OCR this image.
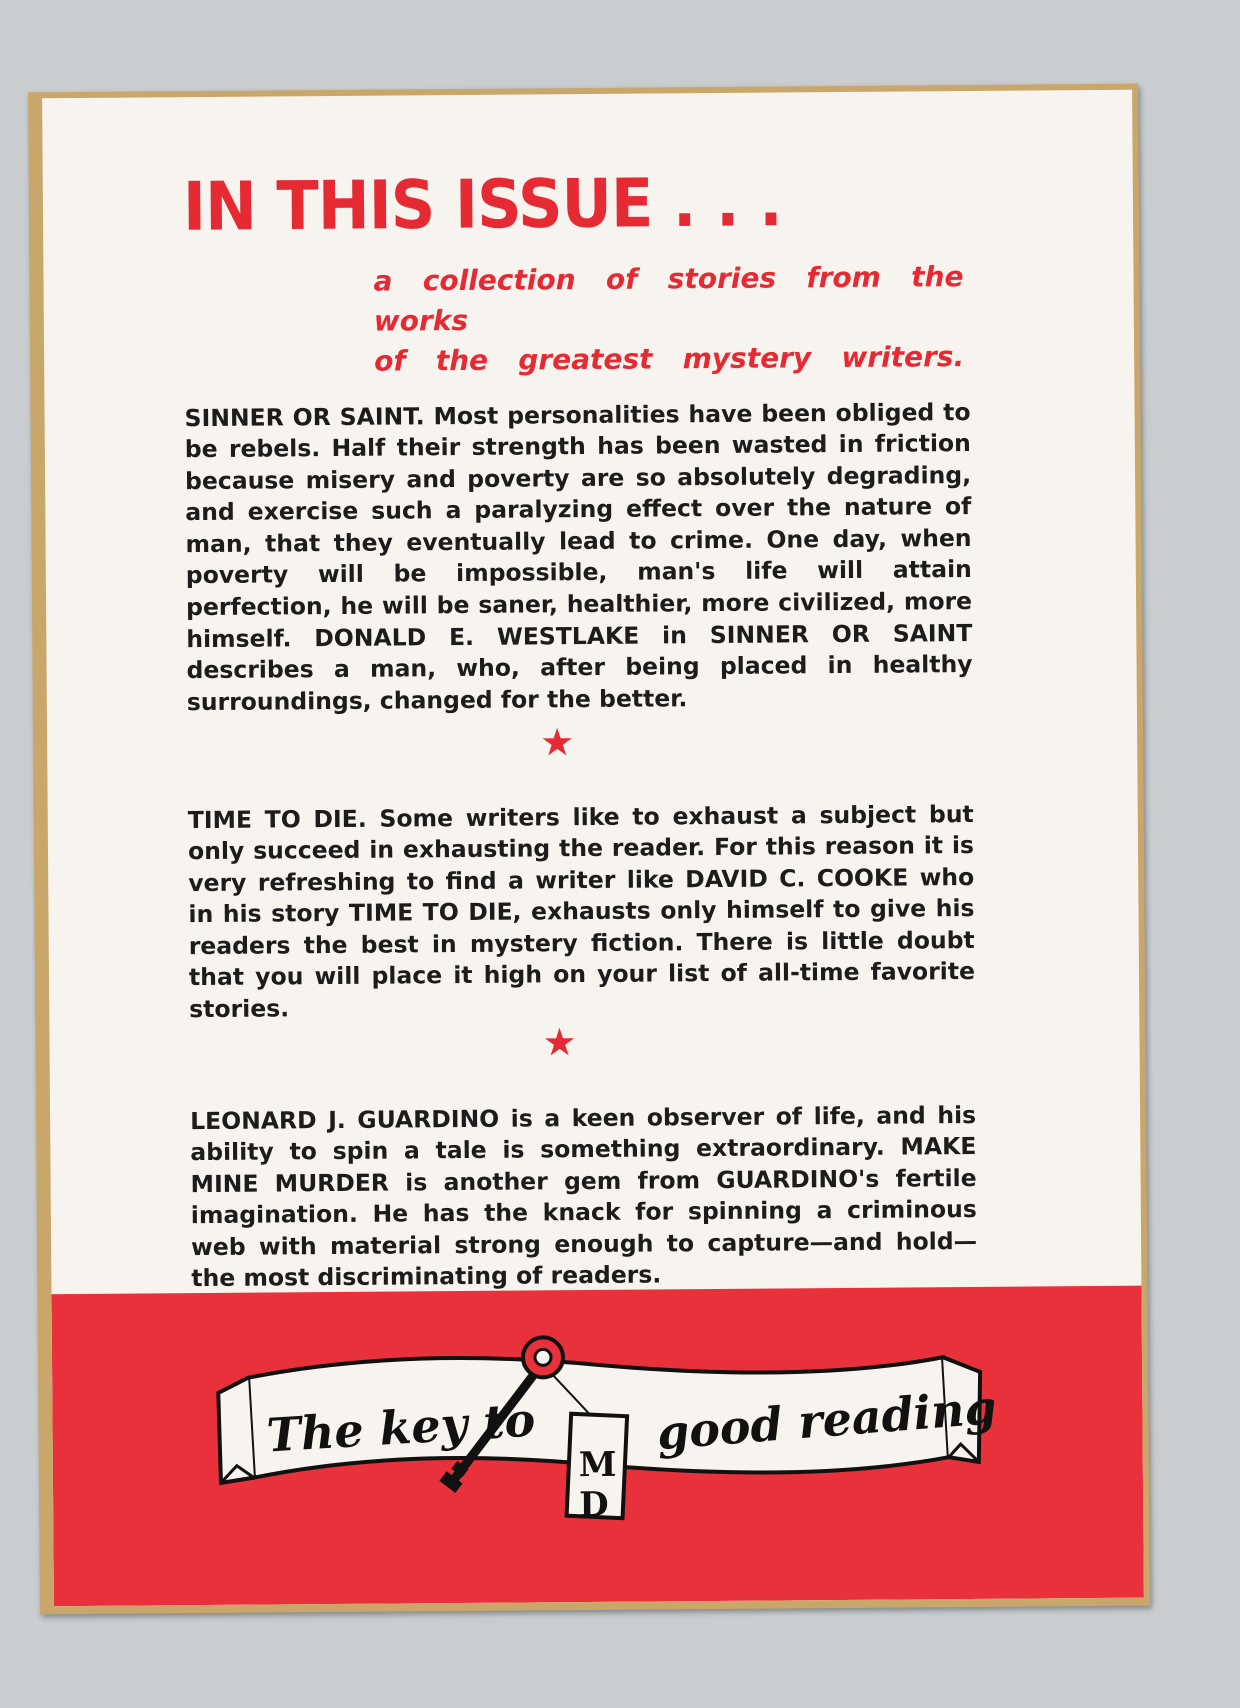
IN THIS ISSUE . . .
a collection of stories from the works
of the greatest mystery writers.

SINNER OR SAINT. Most personalities have been obliged to be rebels. Half their strength has been wasted in friction because misery and poverty are so absolutely degrading, and exercise such a paralyzing effect over the nature of man, that they eventually lead to crime. One day, when poverty will be impossible, man's life will attain perfection, he will be saner, healthier, more civilized, more himself. DONALD E. WESTLAKE in SINNER OR SAINT describes a man, who, after being placed in healthy surroundings, changed for the better.

★

TIME TO DIE. Some writers like to exhaust a subject but only succeed in exhausting the reader. For this reason it is very refreshing to find a writer like DAVID C. COOKE who in his story TIME TO DIE, exhausts only himself to give his readers the best in mystery fiction. There is little doubt that you will place it high on your list of all-time favorite stories.

★

LEONARD J. GUARDINO is a keen observer of life, and his ability to spin a tale is something extraordinary. MAKE MINE MURDER is another gem from GUARDINO's fertile imagination. He has the knack for spinning a criminous web with material strong enough to capture—and hold—the most discriminating of readers.

The key to	good reading
M
D
